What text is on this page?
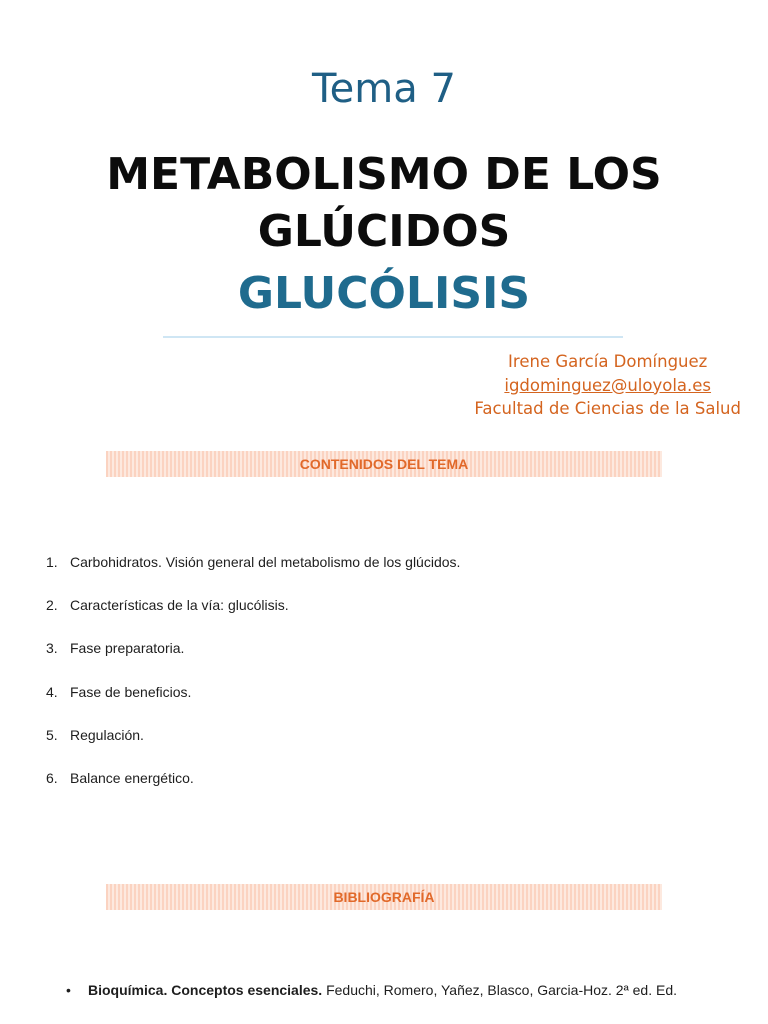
Tema 7
METABOLISMO DE LOS
GLÚCIDOS
GLUCÓLISIS
Irene García Domínguez
igdominguez@uloyola.es
Facultad de Ciencias de la Salud
CONTENIDOS DEL TEMA
1. Carbohidratos. Visión general del metabolismo de los glúcidos.
2. Características de la vía: glucólisis.
3. Fase preparatoria.
4. Fase de beneficios.
5. Regulación.
6. Balance energético.
BIBLIOGRAFÍA
•	Bioquímica. Conceptos esenciales. Feduchi, Romero, Yañez, Blasco, Garcia-Hoz. 2ª ed. Ed.
